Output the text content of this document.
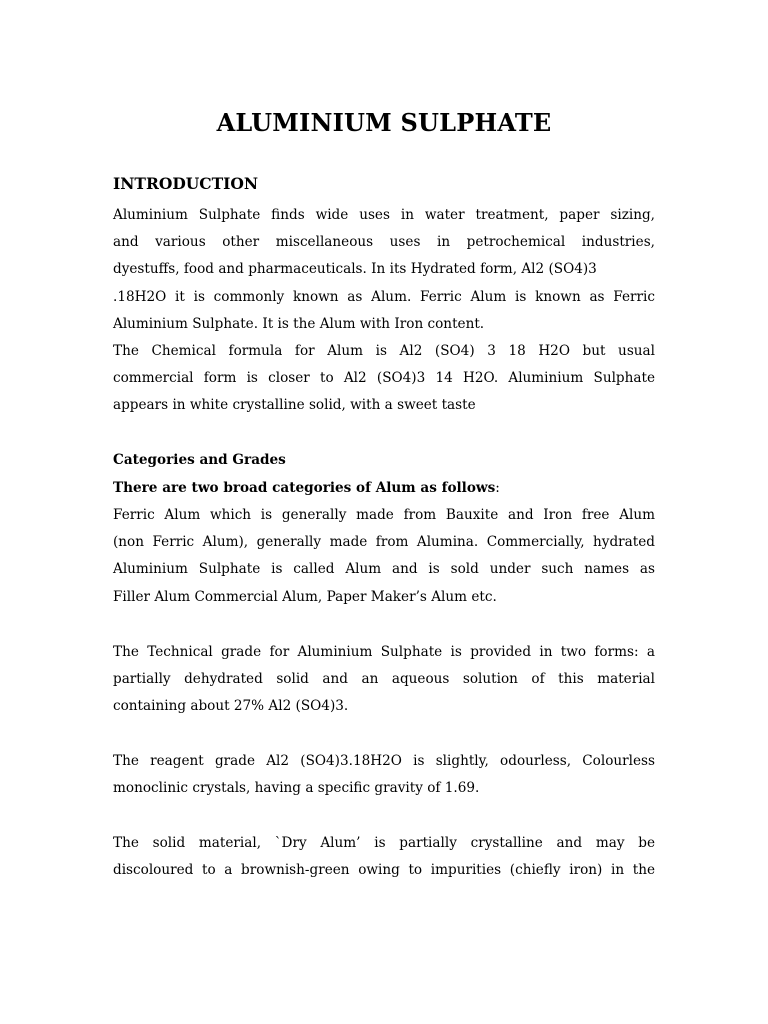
ALUMINIUM SULPHATE
INTRODUCTION
Aluminium Sulphate finds wide uses in water treatment, paper sizing,
and various other miscellaneous uses in petrochemical industries,
dyestuffs, food and pharmaceuticals. In its Hydrated form, Al2 (SO4)3
.18H2O it is commonly known as Alum. Ferric Alum is known as Ferric
Aluminium Sulphate. It is the Alum with Iron content.
The Chemical formula for Alum is Al2 (SO4) 3 18 H2O but usual
commercial form is closer to Al2 (SO4)3 14 H2O. Aluminium Sulphate
appears in white crystalline solid, with a sweet taste
Categories and Grades
There are two broad categories of Alum as follows:
Ferric Alum which is generally made from Bauxite and Iron free Alum
(non Ferric Alum), generally made from Alumina. Commercially, hydrated
Aluminium Sulphate is called Alum and is sold under such names as
Filler Alum Commercial Alum, Paper Maker’s Alum etc.
The Technical grade for Aluminium Sulphate is provided in two forms: a
partially dehydrated solid and an aqueous solution of this material
containing about 27% Al2 (SO4)3.
The reagent grade Al2 (SO4)3.18H2O is slightly, odourless, Colourless
monoclinic crystals, having a specific gravity of 1.69.
The solid material, `Dry Alum’ is partially crystalline and may be
discoloured to a brownish-green owing to impurities (chiefly iron) in the
